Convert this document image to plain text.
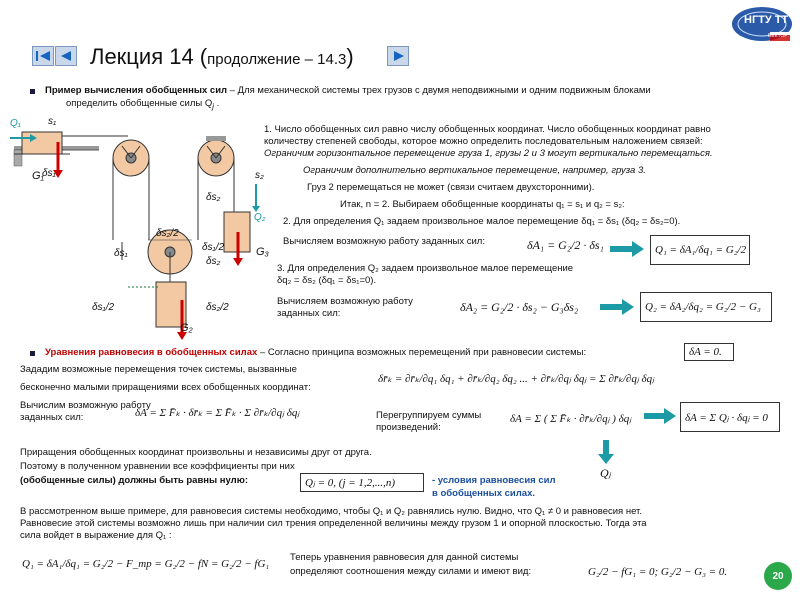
Лекция 14 (продолжение – 14.3)
НГТУ ТТ
ВЕКТОР
Пример вычисления обобщенных сил – Для механической системы трех грузов с двумя неподвижными и одним подвижным блоками
определить обобщенные силы $Q_j$ .
Q₁	s₁
δs₁
G₁	s₂
δs₂
Q₂
G₃
δs₂/2
δs₁/2
δs₂
δs₁
δs₁/2	δs₂/2
G₂
1. Число обобщенных сил равно числу обобщенных координат. Число обобщенных координат равно
количеству степеней свободы, которое можно определить последовательным наложением связей:
Ограничим горизонтальное перемещение груза 1, грузы 2 и 3 могут вертикально перемещаться.
Ограничим дополнительно вертикальное перемещение, например, груза 3.
Груз 2 перемещаться не может (связи считаем двухсторонними).
Итак, n = 2. Выбираем обобщенные координаты q₁ = s₁ и q₂ = s₂:
2. Для определения Q₁ задаем произвольное малое перемещение δq₁ = δs₁ (δq₂ = δs₂=0).
Вычисляем возможную работу заданных сил:	δA₁ = G₂/2 · δs₁	Q₁ = δA₁/δq₁ = G₂/2
3. Для определения Q₂ задаем произвольное малое перемещение
δq₂ = δs₂ (δq₁ = δs₁=0).
Вычисляем возможную работу
заданных сил:	δA₂ = G₂/2 · δs₂ − G₃δs₂	Q₂ = δA₂/δq₂ = G₂/2 − G₃
Уравнения равновесия в обобщенных силах – Согласно принципа возможных перемещений при равновесии системы:	δA = 0.
Зададим возможные перемещения точек системы, вызванные
бесконечно малыми приращениями всех обобщенных координат:
δr̄ₖ = ∂r̄ₖ/∂q₁ δq₁ + ∂r̄ₖ/∂q₂ δq₂ ... + ∂r̄ₖ/∂qⱼ δqⱼ = Σ ∂r̄ₖ/∂qⱼ δqⱼ
Вычислим возможную работу
заданных сил:	δA = Σ F̄ₖ · δr̄ₖ = Σ F̄ₖ · Σ ∂r̄ₖ/∂qⱼ δqⱼ	Перегруппируем суммы
произведений:
δA = Σ ( Σ F̄ₖ · ∂r̄ₖ/∂qⱼ ) δqⱼ	δA = Σ Qⱼ · δqⱼ = 0
Qⱼ
Приращения обобщенных координат произвольны и независимы друг от друга.
Поэтому в полученном уравнении все коэффициенты при них
(обобщенные силы) должны быть равны нулю:	Qⱼ = 0, (j = 1,2,...,n)	- условия равновесия сил
в обобщенных силах.
В рассмотренном выше примере, для равновесия системы необходимо, чтобы Q₁ и Q₂ равнялись нулю. Видно, что Q₁ ≠ 0 и равновесия нет.
Равновесие этой системы возможно лишь при наличии сил трения определенной величины между грузом 1 и опорной плоскостью. Тогда эта
сила войдет в выражение для Q₁ :
Q₁ = δA₁/δq₁ = G₂/2 − F_тр = G₂/2 − fN = G₂/2 − fG₁
Теперь уравнения равновесия для данной системы
определяют соотношения между силами и имеют вид:	G₂/2 − fG₁ = 0; G₂/2 − G₃ = 0.	20
